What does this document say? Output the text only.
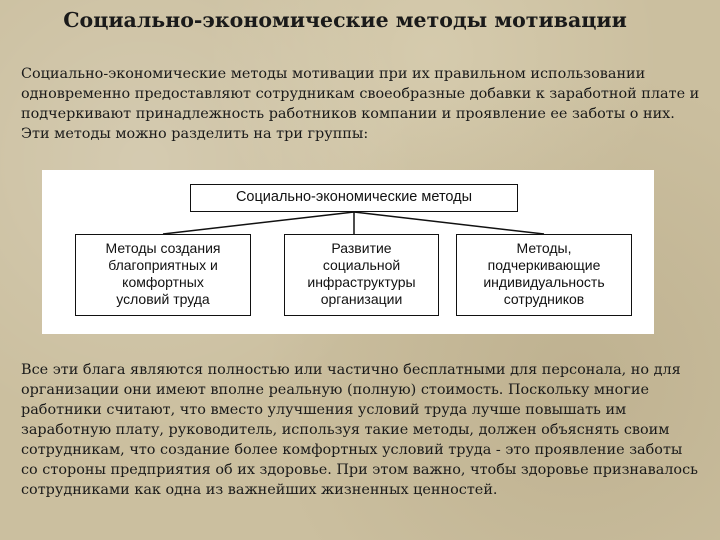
Социально-экономические методы мотивации
Социально-экономические методы мотивации при их правильном использовании одновременно предоставляют сотрудникам своеобразные добавки к заработной плате и подчеркивают принадлежность работников компании и проявление ее заботы о них. Эти методы можно разделить на три группы:
Социально-экономические методы
Методы создания
благоприятных и
комфортных
условий труда
Развитие
социальной
инфраструктуры
организации
Методы,
подчеркивающие
индивидуальность
сотрудников
Все эти блага являются полностью или частично бесплатными для персонала, но для организации они имеют вполне реальную (полную) стоимость. Поскольку многие работники считают, что вместо улучшения условий труда лучше повышать им заработную плату, руководитель, используя такие методы, должен объяснять своим сотрудникам, что создание более комфортных условий труда - это проявление заботы со стороны предприятия об их здоровье. При этом важно, чтобы здоровье признавалось сотрудниками как одна из важнейших жизненных ценностей.
